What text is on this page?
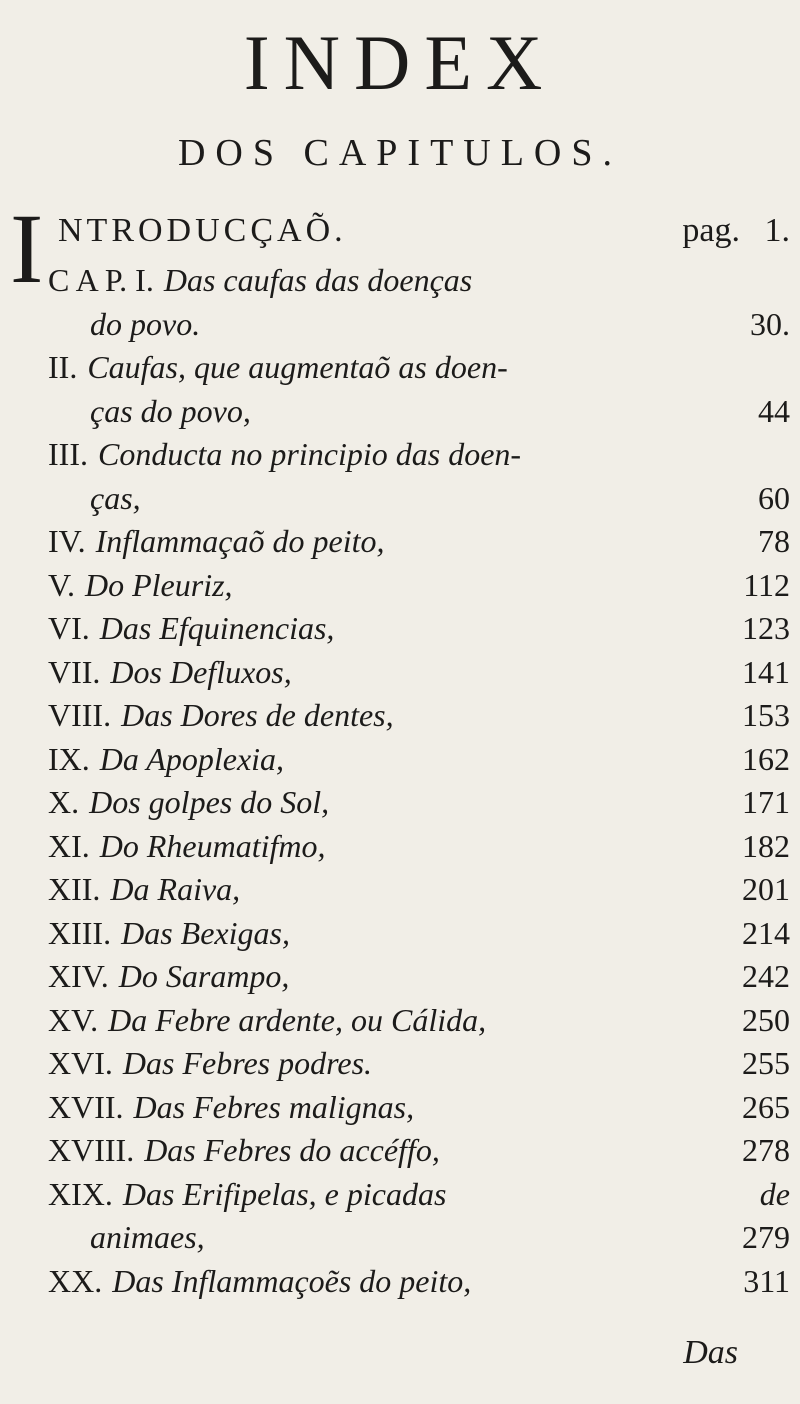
INDEX
DOS CAPITULOS.
I NTRODUCÇAÕ.	pag. 1.
C A P. I. Das caufas das doenças
do povo.	30.
II. Caufas, que augmentaõ as doen-
ças do povo,	44
III. Conducta no principio das doen-
ças,	60
IV. Inflammaçaõ do peito,	78
V. Do Pleuriz,	112
VI. Das Efquinencias,	123
VII. Dos Defluxos,	141
VIII. Das Dores de dentes,	153
IX. Da Apoplexia,	162
X. Dos golpes do Sol,	171
XI. Do Rheumatifmo,	182
XII. Da Raiva,	201
XIII. Das Bexigas,	214
XIV. Do Sarampo,	242
XV. Da Febre ardente, ou Cálida,	250
XVI. Das Febres podres.	255
XVII. Das Febres malignas,	265
XVIII. Das Febres do accéffo,	278
XIX. Das Erifipelas, e picadas	de
animaes,	279
XX. Das Inflammaçoẽs do peito,	311
Das
